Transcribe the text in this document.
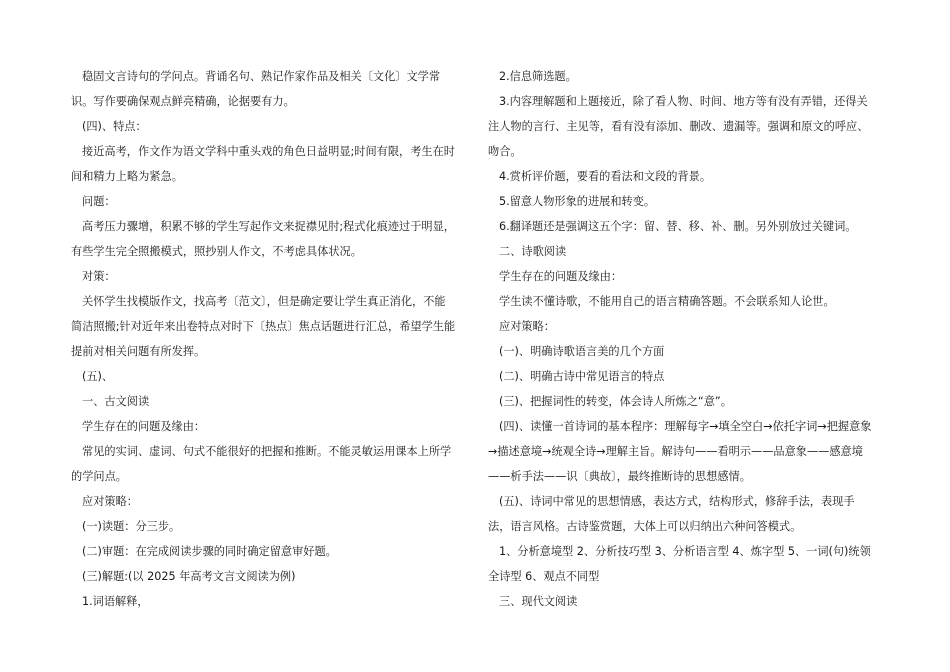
稳固文言诗句的学问点。背诵名句、熟记作家作品及相关〔文化〕文学常识。写作要确保观点鲜亮精确，论据要有力。

(四)、特点：

接近高考，作文作为语文学科中重头戏的角色日益明显;时间有限，考生在时间和精力上略为紧急。

问题：

高考压力骤增，积累不够的学生写起作文来捉襟见肘;程式化痕迹过于明显，有些学生完全照搬模式，照抄别人作文，不考虑具体状况。

对策：

关怀学生找模版作文，找高考〔范文〕，但是确定要让学生真正消化，不能简洁照搬;针对近年来出卷特点对时下〔热点〕焦点话题进行汇总，希望学生能提前对相关问题有所发挥。

(五)、

一、古文阅读

学生存在的问题及缘由：

常见的实词、虚词、句式不能很好的把握和推断。不能灵敏运用课本上所学的学问点。

应对策略：

(一)读题：分三步。

(二)审题：在完成阅读步骤的同时确定留意审好题。

(三)解题:(以 2025 年高考文言文阅读为例)

1.词语解释，

2.信息筛选题。

3.内容理解题和上题接近，除了看人物、时间、地方等有没有弄错，还得关注人物的言行、主见等，看有没有添加、删改、遗漏等。强调和原文的呼应、吻合。

4.赏析评价题，要看的看法和文段的背景。

5.留意人物形象的进展和转变。

6.翻译题还是强调这五个字：留、替、移、补、删。另外别放过关键词。

二、诗歌阅读

学生存在的问题及缘由：

学生读不懂诗歌，不能用自己的语言精确答题。不会联系知人论世。

应对策略：

(一)、明确诗歌语言美的几个方面

(二)、明确古诗中常见语言的特点

(三)、把握词性的转变，体会诗人所炼之“意”。

(四)、读懂一首诗词的基本程序：理解每字→填全空白→依托字词→把握意象→描述意境→统观全诗→理解主旨。解诗句——看明示——品意象——感意境——析手法——识〔典故〕，最终推断诗的思想感情。

(五)、诗词中常见的思想情感，表达方式，结构形式，修辞手法，表现手法，语言风格。古诗鉴赏题，大体上可以归纳出六种问答模式。

1、分析意境型 2、分析技巧型 3、分析语言型 4、炼字型 5、一词(句)统领全诗型 6、观点不同型

三、现代文阅读
